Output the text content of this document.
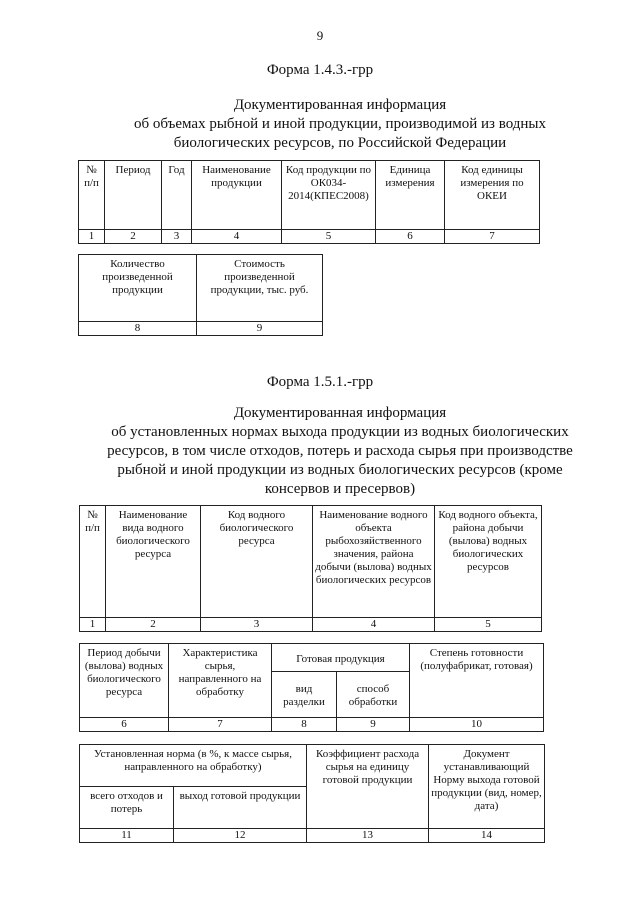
9
Форма 1.4.3.-грр
Документированная информация
об объемах рыбной и иной продукции, производимой из водных
биологических ресурсов, по Российской Федерации
№ п/п	Период	Год	Наименование продукции	Код продукции по ОК034-2014(КПЕС2008)	Единица измерения	Код единицы измерения по ОКЕИ
1	2	3	4	5	6	7
Количество произведенной продукции	Стоимость произведенной продукции, тыс. руб.
8	9
Форма 1.5.1.-грр
Документированная информация
об установленных нормах выхода продукции из водных биологических
ресурсов, в том числе отходов, потерь и расхода сырья при производстве
рыбной и иной продукции из водных биологических ресурсов (кроме
консервов и пресервов)
№ п/п	Наименование вида водного биологического ресурса	Код водного биологического ресурса	Наименование водного объекта рыбохозяйственного значения, района добычи (вылова) водных биологических ресурсов	Код водного объекта, района добычи (вылова) водных биологических ресурсов
1	2	3	4	5
Период добычи (вылова) водных биологического ресурса	Характеристика сырья, направленного на обработку	Готовая продукция		Степень готовности (полуфабрикат, готовая)
		вид разделки	способ обработки	
6	7	8	9	10
Установленная норма (в %, к массе сырья, направленного на обработку)		Коэффициент расхода сырья на единицу готовой продукции	Документ устанавливающий Норму выхода готовой продукции (вид, номер, дата)
всего отходов и потерь	выход готовой продукции		
11	12	13	14
